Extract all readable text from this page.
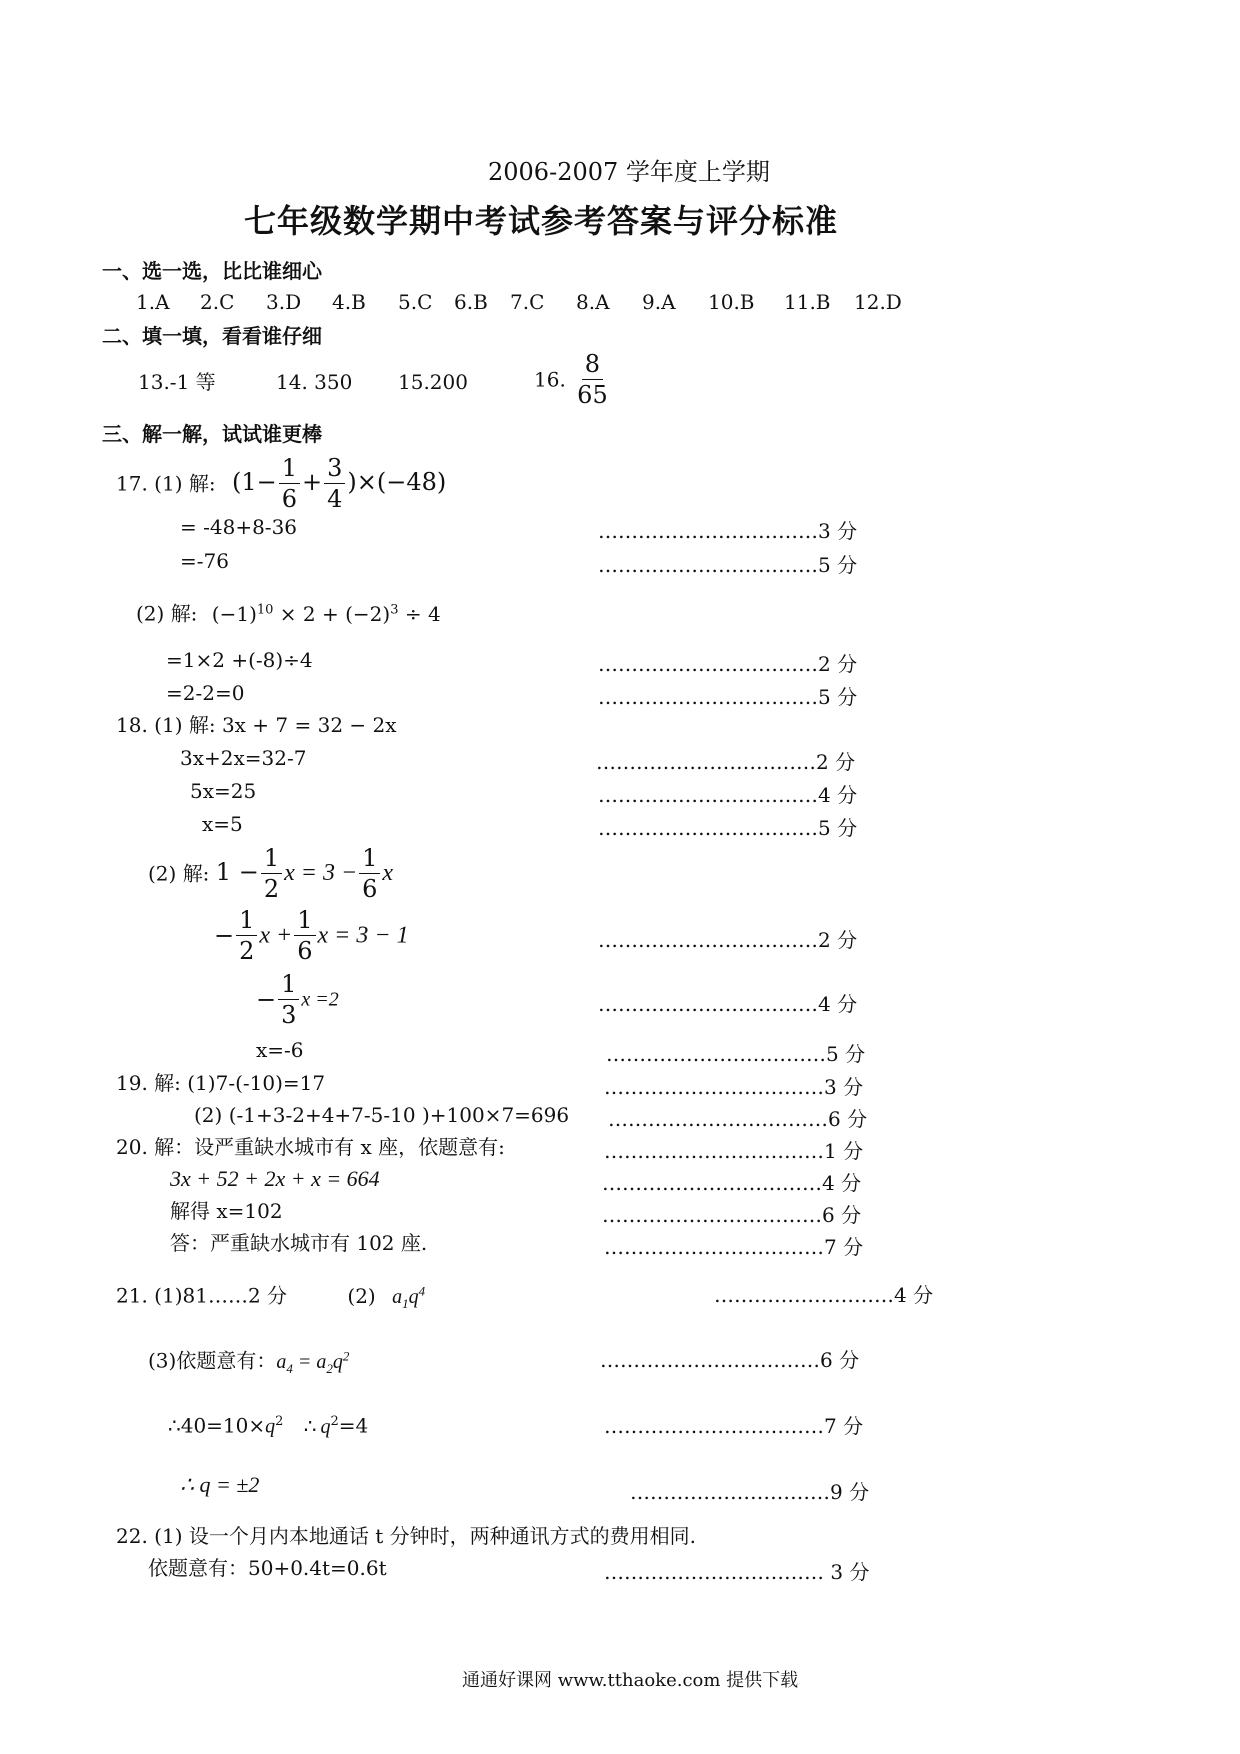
2006-2007 学年度上学期
七年级数学期中考试参考答案与评分标准
一、选一选，比比谁细心
1.A 2.C 3.D 4.B 5.C 6.B 7.C 8.A 9.A 10.B 11.B 12.D
二、填一填，看看谁仔细
13.-1 等	14. 350 15.200	16. $\frac{8}{65}$
三、解一解，试试谁更棒
17. (1) 解: $(1- \frac{1}{6} + \frac{3}{4} )\times(-48)$
= -48+8-36	……………………………3 分
=-76	……………………………5 分
(2) 解: $(-1)^{10} \times 2 + (-2)^3 \div 4$
=1×2 +(-8)÷4	……………………………2 分
=2-2=0	……………………………5 分
18. (1) 解: 3x + 7 = 32 − 2x
3x+2x=32-7	……………………………2 分
5x=25	……………………………4 分
x=5	……………………………5 分
(2) 解: $1 - \frac{1}{2}$ $x = 3 - \frac{1}{6}$ x
− $\frac{1}{2}$ $x + \frac{1}{6}$ x = 3 − 1	……………………………2 分
− $\frac{1}{3}$ x =2	……………………………4 分
x=-6	……………………………5 分
19. 解: (1)7-(-10)=17	……………………………3 分
(2) (-1+3-2+4+7-5-10 )+100×7=696 ……………………………6 分
20. 解：设严重缺水城市有 x 座，依题意有:	……………………………1 分
3x + 52 + 2x + x = 664	……………………………4 分
解得 x=102	……………………………6 分
答：严重缺水城市有 102 座.	……………………………7 分
21. (1)81……2 分	(2) $a_1q^4$	………………………4 分
(3)依题意有：$a_4 = a_2q^2$	……………………………6 分
$\therefore 40=10\times q^2$ ∴ $q^2=4$	……………………………7 分
∴ q = ±2	…………………………9 分
22. (1) 设一个月内本地通话 t 分钟时，两种通讯方式的费用相同.
依题意有：50+0.4t=0.6t	…………………………… 3 分
通通好课网 www.tthaoke.com 提供下载
